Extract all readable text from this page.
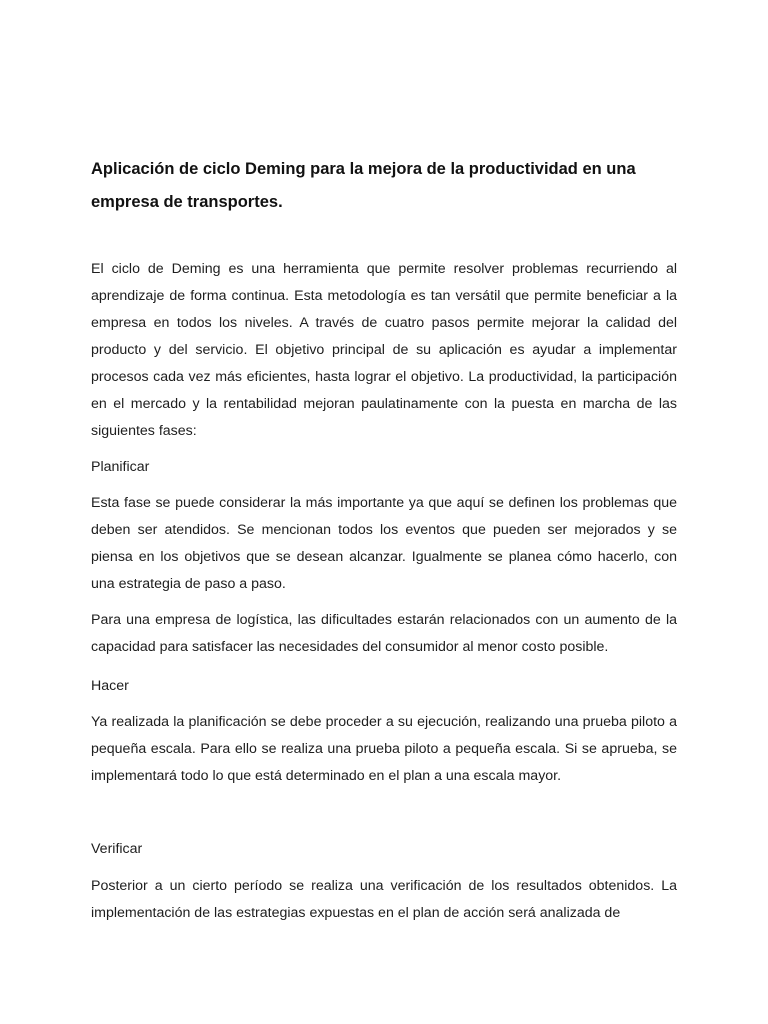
Aplicación de ciclo Deming para la mejora de la productividad en una empresa de transportes.
El ciclo de Deming es una herramienta que permite resolver problemas recurriendo al aprendizaje de forma continua. Esta metodología es tan versátil que permite beneficiar a la empresa en todos los niveles. A través de cuatro pasos permite mejorar la calidad del producto y del servicio. El objetivo principal de su aplicación es ayudar a implementar procesos cada vez más eficientes, hasta lograr el objetivo. La productividad, la participación en el mercado y la rentabilidad mejoran paulatinamente con la puesta en marcha de las siguientes fases:
Planificar
Esta fase se puede considerar la más importante ya que aquí se definen los problemas que deben ser atendidos. Se mencionan todos los eventos que pueden ser mejorados y se piensa en los objetivos que se desean alcanzar. Igualmente se planea cómo hacerlo, con una estrategia de paso a paso.
Para una empresa de logística, las dificultades estarán relacionados con un aumento de la capacidad para satisfacer las necesidades del consumidor al menor costo posible.
Hacer
Ya realizada la planificación se debe proceder a su ejecución, realizando una prueba piloto a pequeña escala. Para ello se realiza una prueba piloto a pequeña escala. Si se aprueba, se implementará todo lo que está determinado en el plan a una escala mayor.
Verificar
Posterior a un cierto período se realiza una verificación de los resultados obtenidos. La implementación de las estrategias expuestas en el plan de acción será analizada de
